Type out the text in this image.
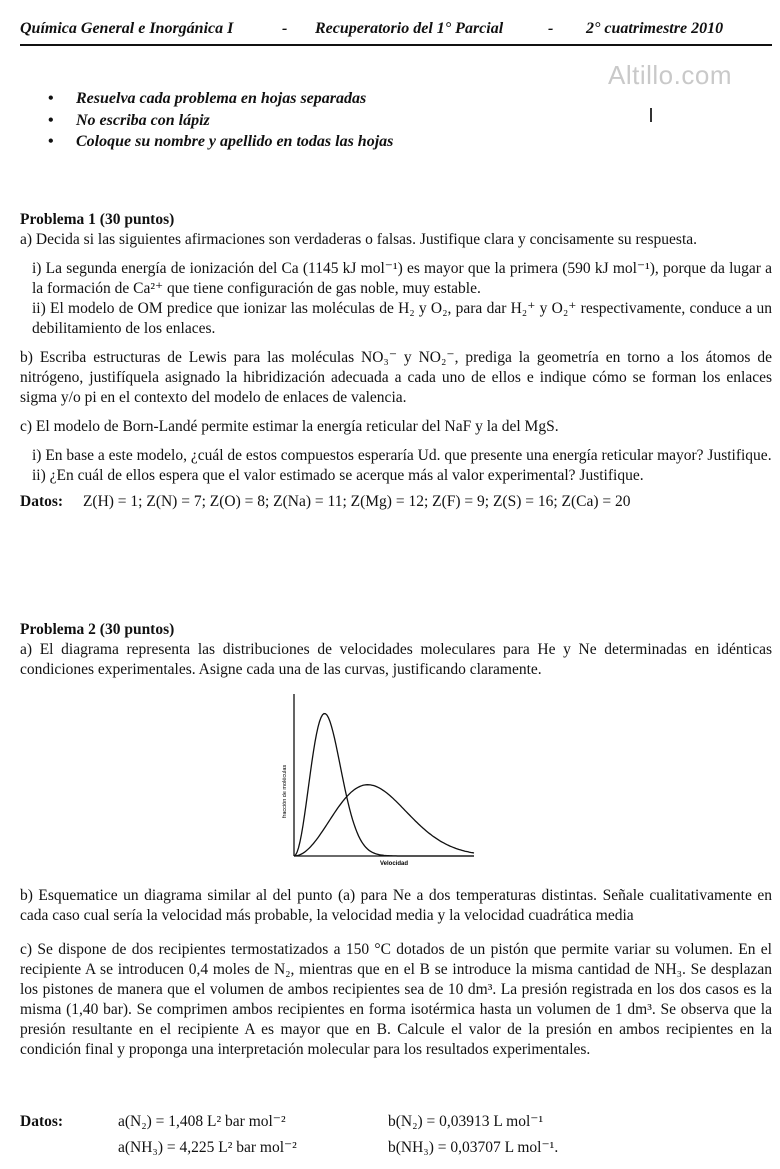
Química General e Inorgánica I	- Recuperatorio del 1° Parcial	- 2° cuatrimestre 2010
Altillo.com
• Resuelva cada problema en hojas separadas
• No escriba con lápiz
• Coloque su nombre y apellido en todas las hojas

Problema 1 (30 puntos)

a) Decida si las siguientes afirmaciones son verdaderas o falsas. Justifique clara y concisamente su respuesta.

i) La segunda energía de ionización del Ca (1145 kJ mol⁻¹) es mayor que la primera (590 kJ mol⁻¹), porque da lugar a la formación de Ca²⁺ que tiene configuración de gas noble, muy estable.

ii) El modelo de OM predice que ionizar las moléculas de H₂ y O₂, para dar H₂⁺ y O₂⁺ respectivamente, conduce a un debilitamiento de los enlaces.

b) Escriba estructuras de Lewis para las moléculas NO₃⁻ y NO₂⁻, prediga la geometría en torno a los átomos de nitrógeno, justifíquela asignado la hibridización adecuada a cada uno de ellos e indique cómo se forman los enlaces sigma y/o pi en el contexto del modelo de enlaces de valencia.

c) El modelo de Born-Landé permite estimar la energía reticular del NaF y la del MgS.

i) En base a este modelo, ¿cuál de estos compuestos esperaría Ud. que presente una energía reticular mayor? Justifique.

ii) ¿En cuál de ellos espera que el valor estimado se acerque más al valor experimental? Justifique.

Datos: Z(H) = 1; Z(N) = 7; Z(O) = 8; Z(Na) = 11; Z(Mg) = 12; Z(F) = 9; Z(S) = 16; Z(Ca) = 20

Problema 2 (30 puntos)

a) El diagrama representa las distribuciones de velocidades moleculares para He y Ne determinadas en idénticas condiciones experimentales. Asigne cada una de las curvas, justificando claramente.

fracción de moléculas
Velocidad

b) Esquematice un diagrama similar al del punto (a) para Ne a dos temperaturas distintas. Señale cualitativamente en cada caso cual sería la velocidad más probable, la velocidad media y la velocidad cuadrática media

c) Se dispone de dos recipientes termostatizados a 150 °C dotados de un pistón que permite variar su volumen. En el recipiente A se introducen 0,4 moles de N₂, mientras que en el B se introduce la misma cantidad de NH₃. Se desplazan los pistones de manera que el volumen de ambos recipientes sea de 10 dm³. La presión registrada en los dos casos es la misma (1,40 bar). Se comprimen ambos recipientes en forma isotérmica hasta un volumen de 1 dm³. Se observa que la presión resultante en el recipiente A es mayor que en B. Calcule el valor de la presión en ambos recipientes en la condición final y proponga una interpretación molecular para los resultados experimentales.

Datos:	a(N₂) = 1,408 L² bar mol⁻²	b(N₂) = 0,03913 L mol⁻¹
a(NH₃) = 4,225 L² bar mol⁻²	b(NH₃) = 0,03707 L mol⁻¹.
